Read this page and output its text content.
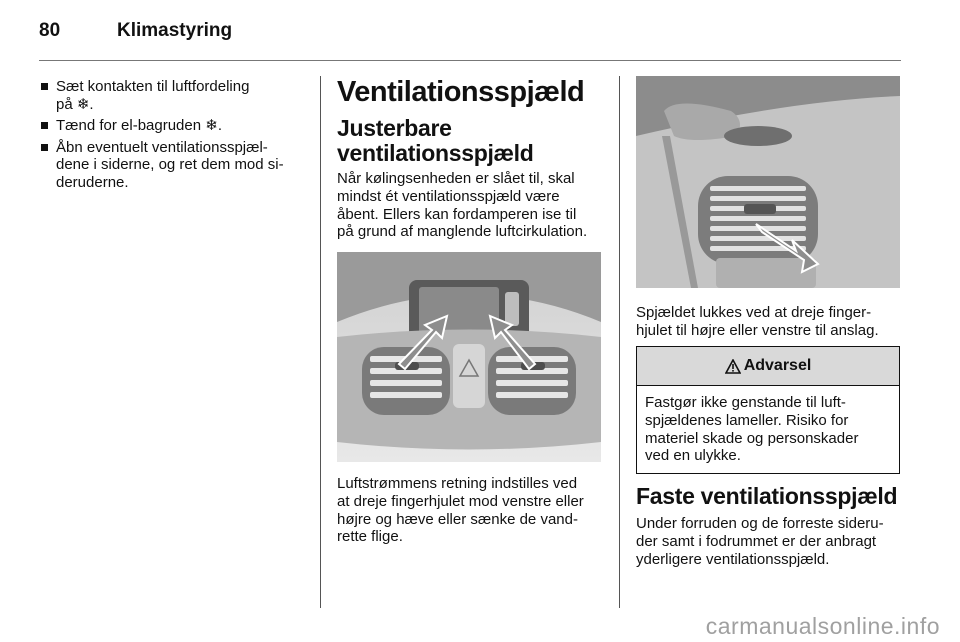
80	Klimastyring
Sæt kontakten til luftfordeling
på ❄.
Tænd for el-bagruden ❄.
Åbn eventuelt ventilationsspjæl-
dene i siderne, og ret dem mod si-
deruderne.
Ventilationsspjæld
Justerbare
ventilationsspjæld
Når kølingsenheden er slået til, skal
mindst ét ventilationsspjæld være
åbent. Ellers kan fordamperen ise til
på grund af manglende luftcirkulation.
Luftstrømmens retning indstilles ved
at dreje fingerhjulet mod venstre eller
højre og hæve eller sænke de vand-
rette flige.
Spjældet lukkes ved at dreje finger-
hjulet til højre eller venstre til anslag.
Advarsel
Fastgør ikke genstande til luft-
spjældenes lameller. Risiko for
materiel skade og personskader
ved en ulykke.
Faste ventilationsspjæld
Under forruden og de forreste sideru-
der samt i fodrummet er der anbragt
yderligere ventilationsspjæld.
carmanualsonline.info
